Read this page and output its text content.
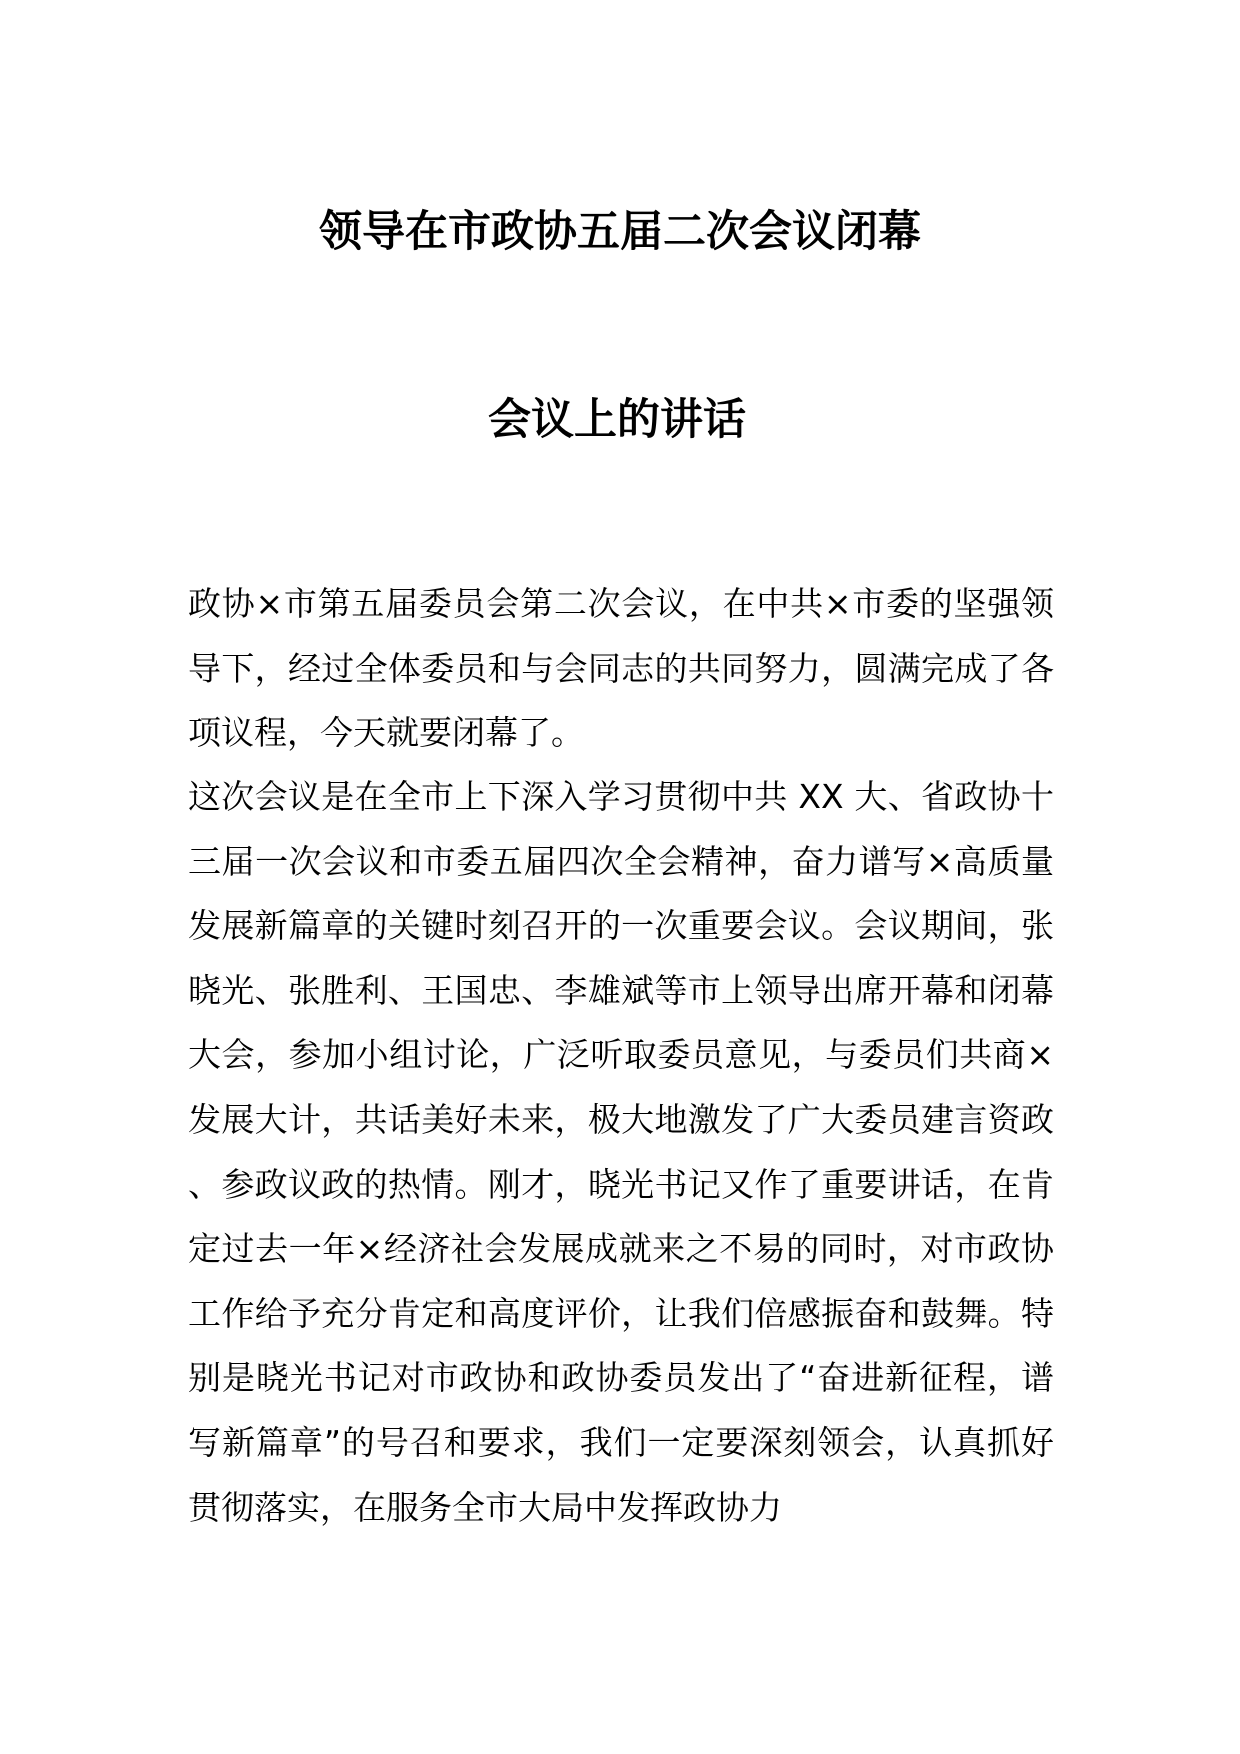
领导在市政协五届二次会议闭幕
会议上的讲话

政协×市第五届委员会第二次会议，在中共×市委的坚强领导下，经过全体委员和与会同志的共同努力，圆满完成了各项议程，今天就要闭幕了。

这次会议是在全市上下深入学习贯彻中共 XX 大、省政协十三届一次会议和市委五届四次全会精神，奋力谱写×高质量发展新篇章的关键时刻召开的一次重要会议。会议期间，张晓光、张胜利、王国忠、李雄斌等市上领导出席开幕和闭幕大会，参加小组讨论，广泛听取委员意见，与委员们共商×发展大计，共话美好未来，极大地激发了广大委员建言资政、参政议政的热情。刚才，晓光书记又作了重要讲话，在肯定过去一年×经济社会发展成就来之不易的同时，对市政协工作给予充分肯定和高度评价，让我们倍感振奋和鼓舞。特别是晓光书记对市政协和政协委员发出了“奋进新征程，谱写新篇章”的号召和要求，我们一定要深刻领会，认真抓好贯彻落实，在服务全市大局中发挥政协力
